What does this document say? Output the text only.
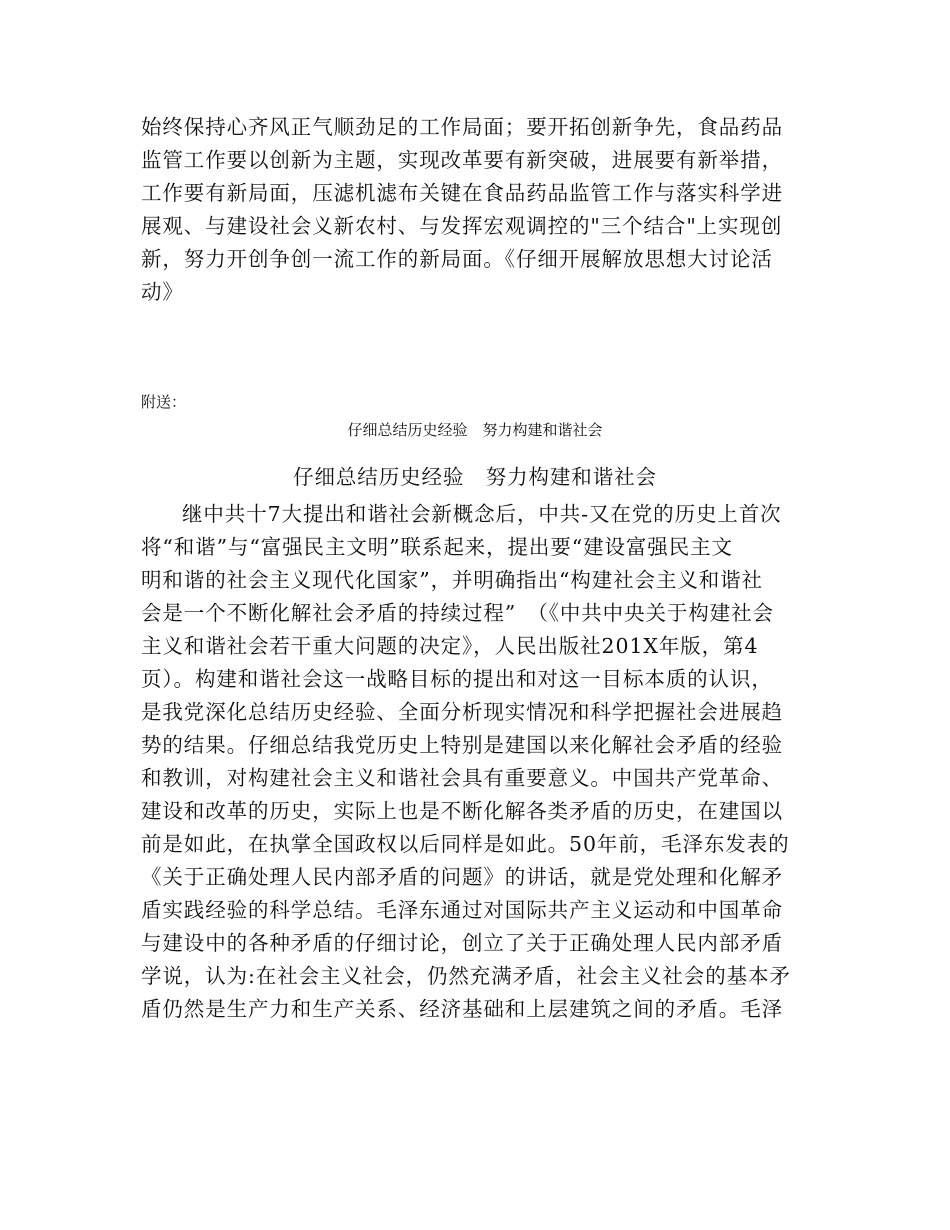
始终保持心齐风正气顺劲足的工作局面；要开拓创新争先，食品药品
监管工作要以创新为主题，实现改革要有新突破，进展要有新举措，
工作要有新局面，压滤机滤布关键在食品药品监管工作与落实科学进
展观、与建设社会义新农村、与发挥宏观调控的"三个结合"上实现创
新，努力开创争创一流工作的新局面。《仔细开展解放思想大讨论活
动》
附送：
仔细总结历史经验　努力构建和谐社会
仔细总结历史经验　努力构建和谐社会
继中共十7大提出和谐社会新概念后，中共-又在党的历史上首次
将“和谐”与“富强民主文明”联系起来，提出要“建设富强民主文
明和谐的社会主义现代化国家”，并明确指出“构建社会主义和谐社
会是一个不断化解社会矛盾的持续过程”　（《中共中央关于构建社会
主义和谐社会若干重大问题的决定》，人民出版社201X年版，第4
页）。构建和谐社会这一战略目标的提出和对这一目标本质的认识，
是我党深化总结历史经验、全面分析现实情况和科学把握社会进展趋
势的结果。仔细总结我党历史上特别是建国以来化解社会矛盾的经验
和教训，对构建社会主义和谐社会具有重要意义。中国共产党革命、
建设和改革的历史，实际上也是不断化解各类矛盾的历史，在建国以
前是如此，在执掌全国政权以后同样是如此。50年前，毛泽东发表的
《关于正确处理人民内部矛盾的问题》的讲话，就是党处理和化解矛
盾实践经验的科学总结。毛泽东通过对国际共产主义运动和中国革命
与建设中的各种矛盾的仔细讨论，创立了关于正确处理人民内部矛盾
学说，认为:在社会主义社会，仍然充满矛盾，社会主义社会的基本矛
盾仍然是生产力和生产关系、经济基础和上层建筑之间的矛盾。毛泽
